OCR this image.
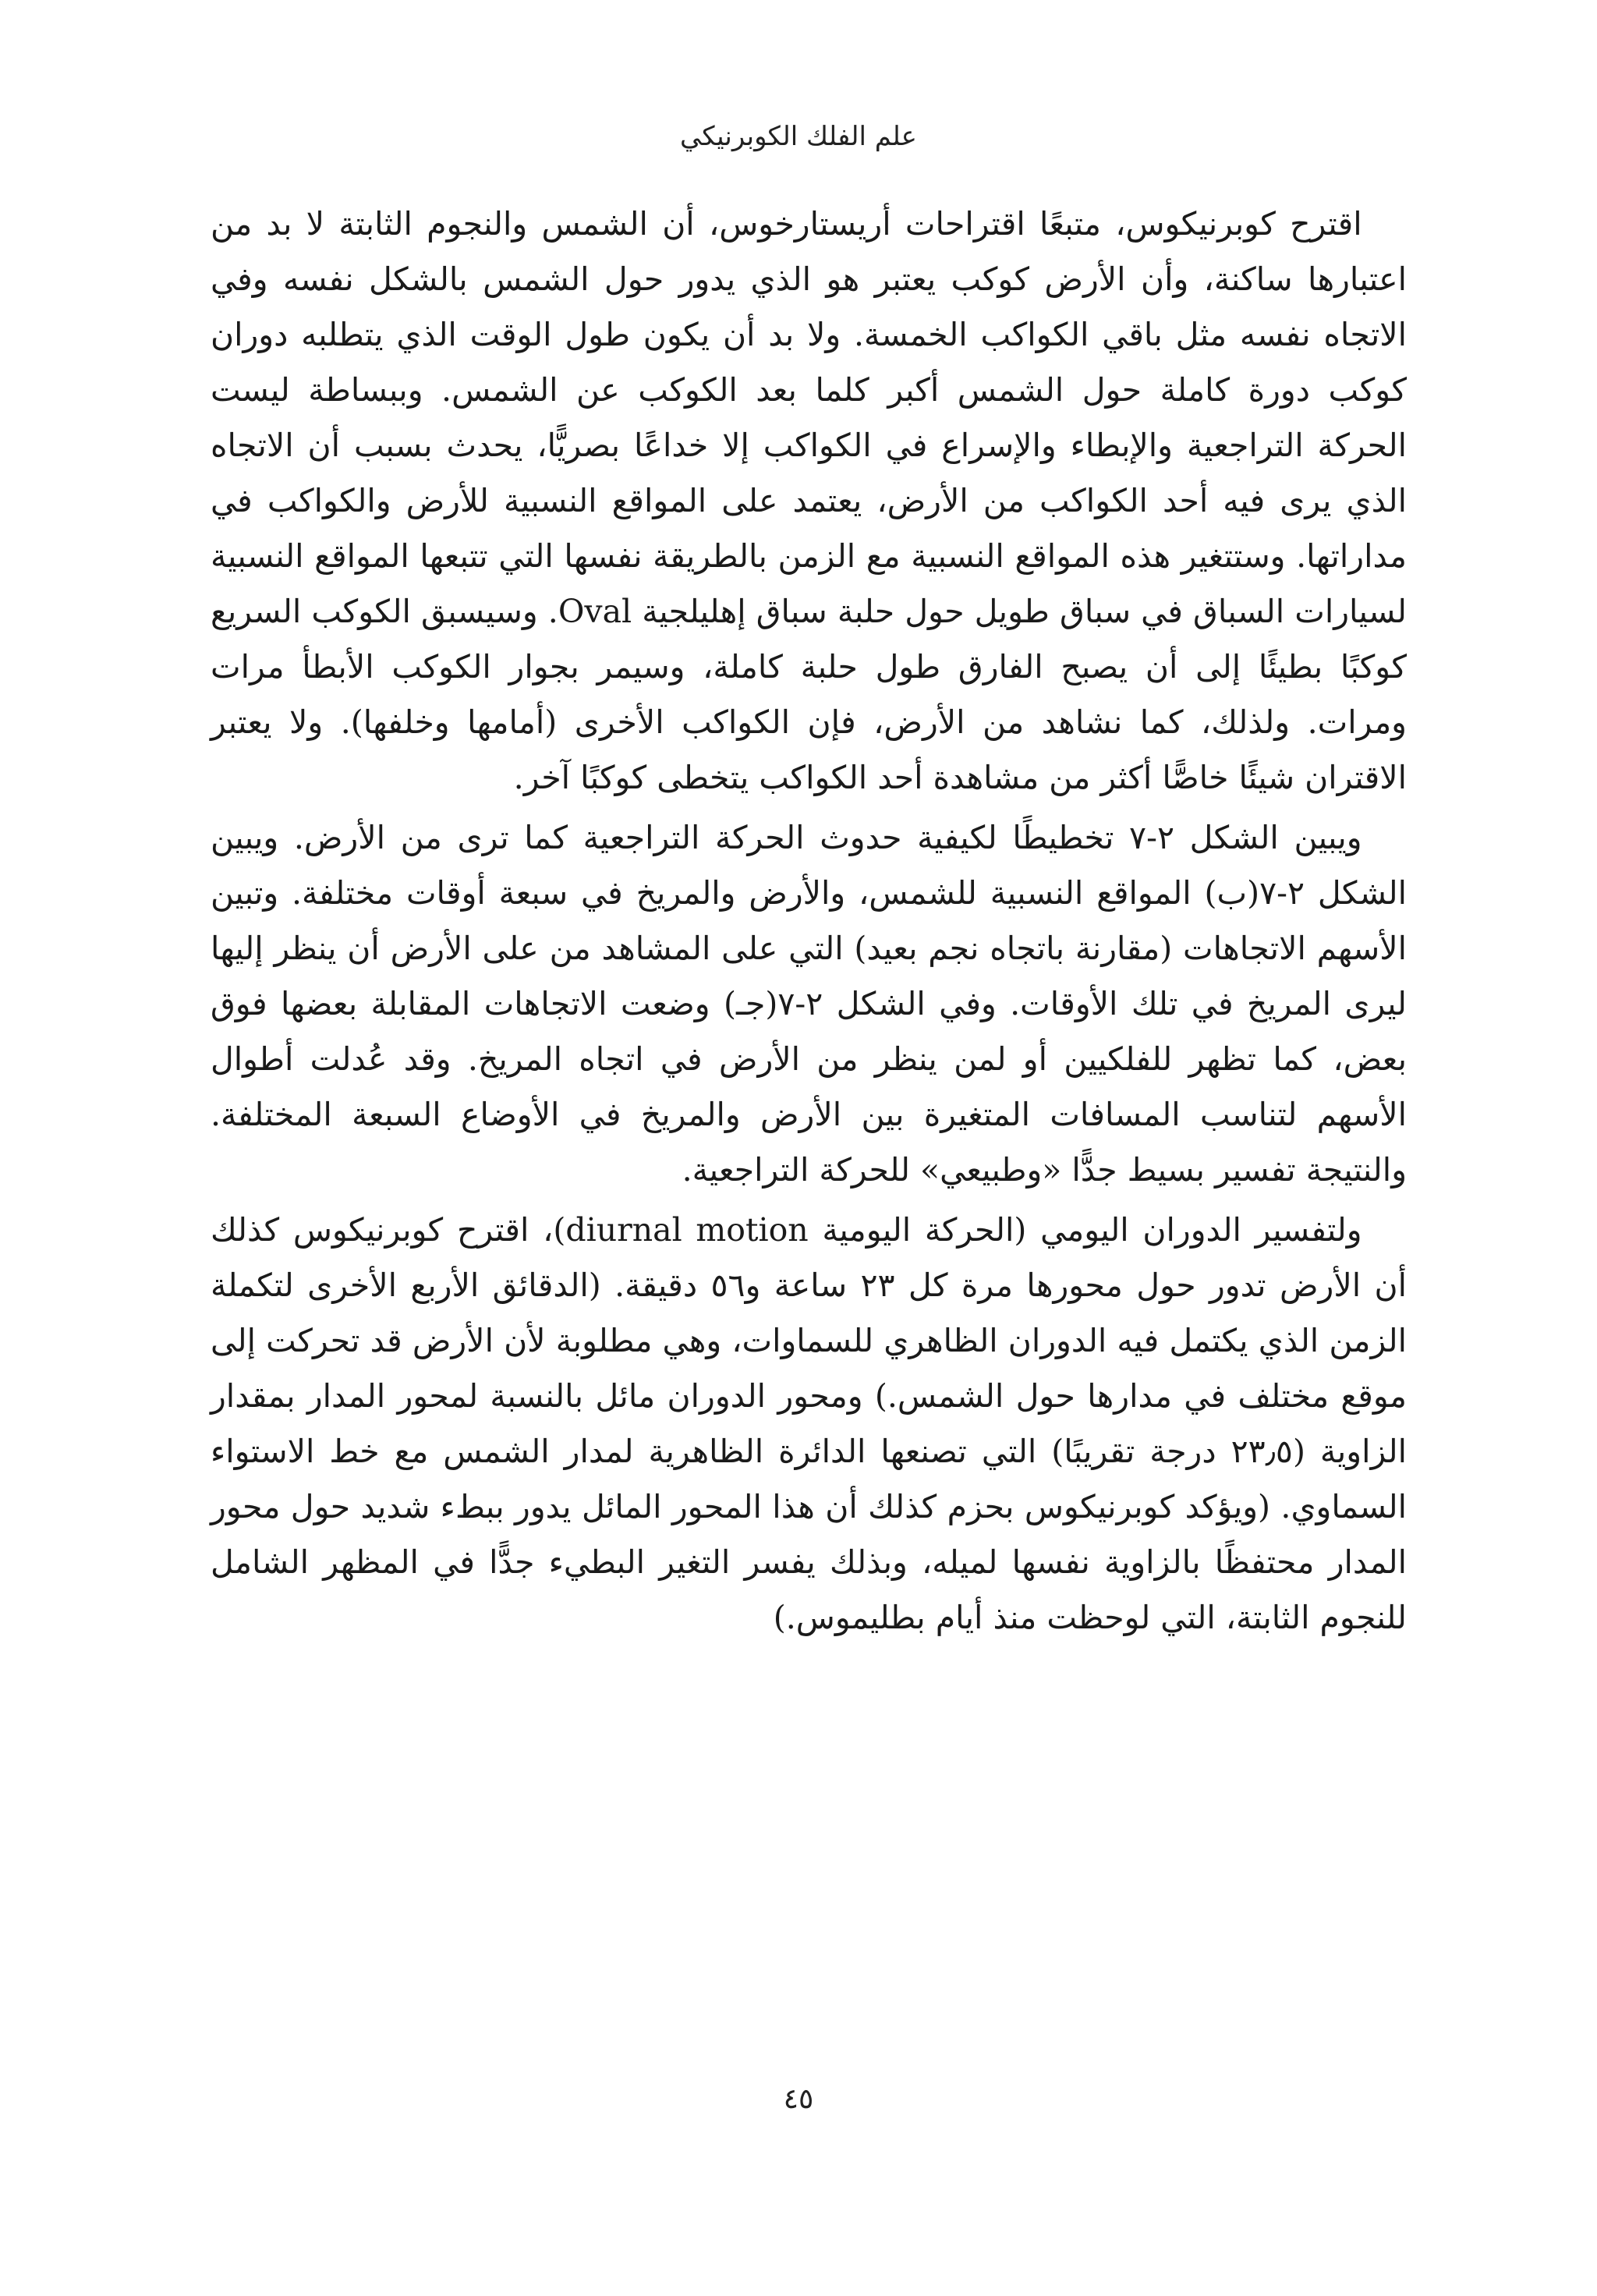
علم الفلك الكوبرنيكي

اقترح كوبرنيكوس، متبعًا اقتراحات أريستارخوس، أن الشمس والنجوم الثابتة لا بد من اعتبارها ساكنة، وأن الأرض كوكب يعتبر هو الذي يدور حول الشمس بالشكل نفسه وفي الاتجاه نفسه مثل باقي الكواكب الخمسة. ولا بد أن يكون طول الوقت الذي يتطلبه دوران كوكب دورة كاملة حول الشمس أكبر كلما بعد الكوكب عن الشمس. وببساطة ليست الحركة التراجعية والإبطاء والإسراع في الكواكب إلا خداعًا بصريًّا، يحدث بسبب أن الاتجاه الذي يرى فيه أحد الكواكب من الأرض، يعتمد على المواقع النسبية للأرض والكواكب في مداراتها. وستتغير هذه المواقع النسبية مع الزمن بالطريقة نفسها التي تتبعها المواقع النسبية لسيارات السباق في سباق طويل حول حلبة سباق إهليلجية Oval. وسيسبق الكوكب السريع كوكبًا بطيئًا إلى أن يصبح الفارق طول حلبة كاملة، وسيمر بجوار الكوكب الأبطأ مرات ومرات. ولذلك، كما نشاهد من الأرض، فإن الكواكب الأخرى (أمامها وخلفها). ولا يعتبر الاقتران شيئًا خاصًّا أكثر من مشاهدة أحد الكواكب يتخطى كوكبًا آخر.

ويبين الشكل ٢-٧ تخطيطًا لكيفية حدوث الحركة التراجعية كما ترى من الأرض. ويبين الشكل ٢-٧(ب) المواقع النسبية للشمس، والأرض والمريخ في سبعة أوقات مختلفة. وتبين الأسهم الاتجاهات (مقارنة باتجاه نجم بعيد) التي على المشاهد من على الأرض أن ينظر إليها ليرى المريخ في تلك الأوقات. وفي الشكل ٢-٧(جـ) وضعت الاتجاهات المقابلة بعضها فوق بعض، كما تظهر للفلكيين أو لمن ينظر من الأرض في اتجاه المريخ. وقد عُدلت أطوال الأسهم لتناسب المسافات المتغيرة بين الأرض والمريخ في الأوضاع السبعة المختلفة. والنتيجة تفسير بسيط جدًّا «وطبيعي» للحركة التراجعية.

ولتفسير الدوران اليومي (الحركة اليومية diurnal motion)، اقترح كوبرنيكوس كذلك أن الأرض تدور حول محورها مرة كل ٢٣ ساعة و٥٦ دقيقة. (الدقائق الأربع الأخرى لتكملة الزمن الذي يكتمل فيه الدوران الظاهري للسماوات، وهي مطلوبة لأن الأرض قد تحركت إلى موقع مختلف في مدارها حول الشمس.) ومحور الدوران مائل بالنسبة لمحور المدار بمقدار الزاوية (٢٣٫٥ درجة تقريبًا) التي تصنعها الدائرة الظاهرية لمدار الشمس مع خط الاستواء السماوي. (ويؤكد كوبرنيكوس بحزم كذلك أن هذا المحور المائل يدور ببطء شديد حول محور المدار محتفظًا بالزاوية نفسها لميله، وبذلك يفسر التغير البطيء جدًّا في المظهر الشامل للنجوم الثابتة، التي لوحظت منذ أيام بطليموس.)

٤٥
